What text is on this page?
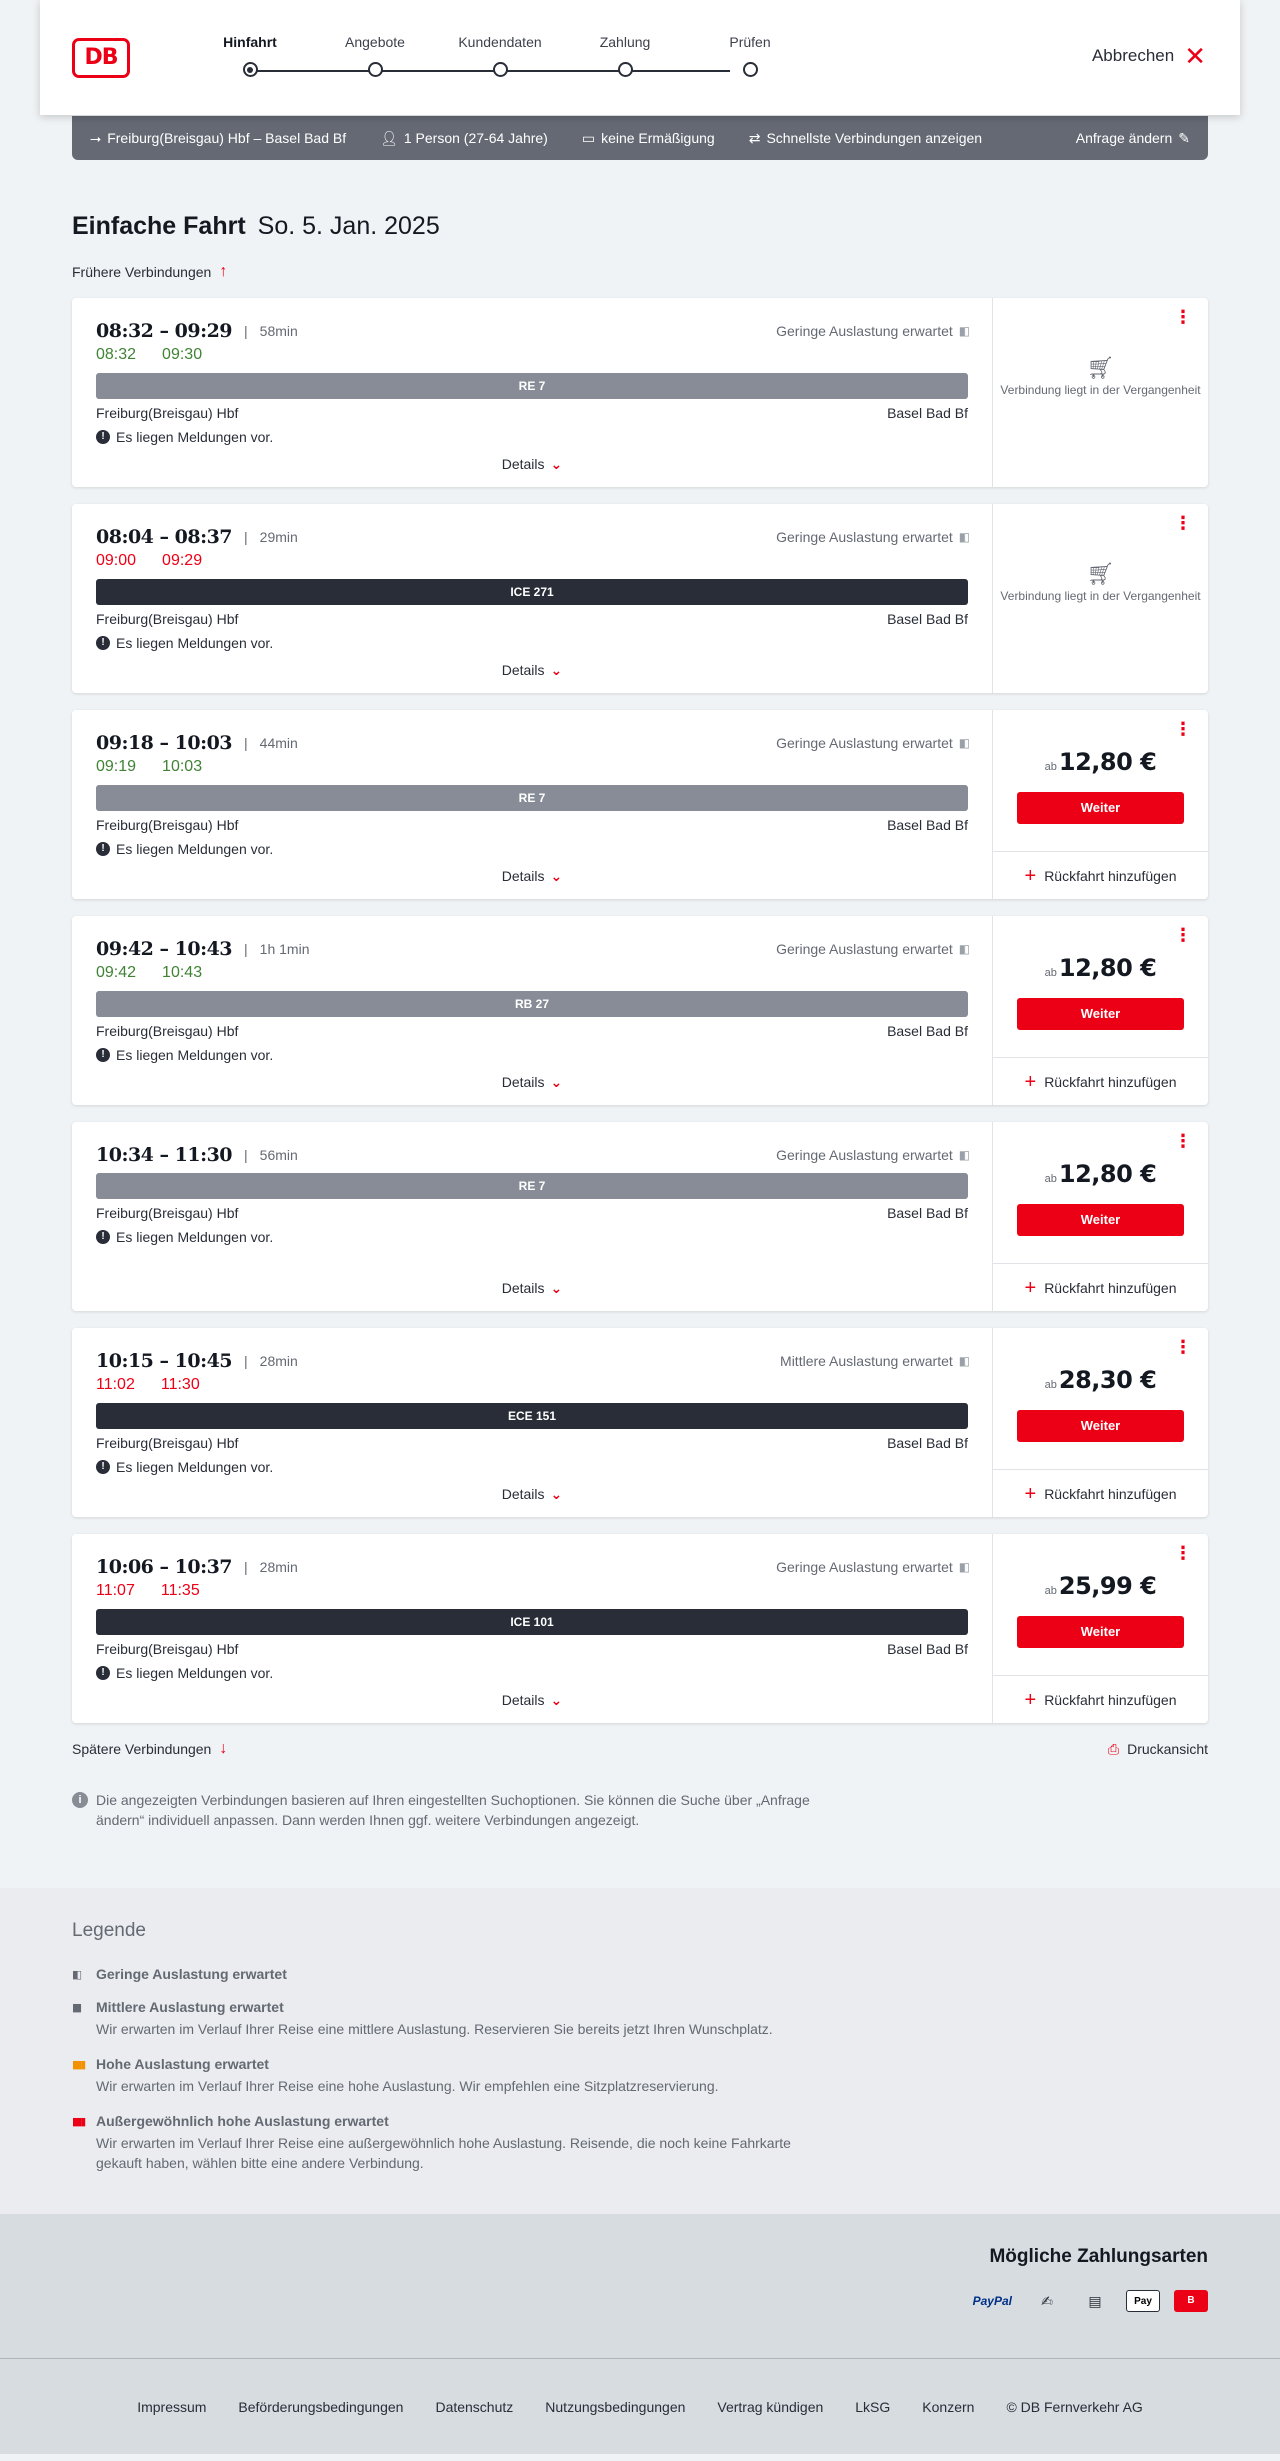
DB
Hinfahrt	Angebote	Kundendaten	Zahlung	Prüfen
Abbrechen ✕
⭢ Freiburg(Breisgau) Hbf – Basel Bad Bf 👤︎ 1 Person (27-64 Jahre) ▭ keine Ermäßigung ⇄ Schnellste Verbindungen anzeigen	Anfrage ändern ✎
Einfache Fahrt So. 5. Jan. 2025
Frühere Verbindungen ↑
08:32 – 09:29 | 58min	Geringe Auslastung erwartet ▮▯
08:32 09:30
RE 7
Freiburg(Breisgau) Hbf	Basel Bad Bf
! Es liegen Meldungen vor.
Details ⌄
⋮
🛒︎
Verbindung liegt in der Vergangenheit
08:04 – 08:37 | 29min	Geringe Auslastung erwartet ▮▯
09:00 09:29
ICE 271
Freiburg(Breisgau) Hbf	Basel Bad Bf
! Es liegen Meldungen vor.
Details ⌄
⋮
🛒︎
Verbindung liegt in der Vergangenheit
09:18 – 10:03 | 44min	Geringe Auslastung erwartet ▮▯
09:19 10:03
RE 7
Freiburg(Breisgau) Hbf	Basel Bad Bf
! Es liegen Meldungen vor.
Details ⌄
⋮
ab12,80 €
Weiter
+ Rückfahrt hinzufügen
09:42 – 10:43 | 1h 1min	Geringe Auslastung erwartet ▮▯
09:42 10:43
RB 27
Freiburg(Breisgau) Hbf	Basel Bad Bf
! Es liegen Meldungen vor.
Details ⌄
⋮
ab12,80 €
Weiter
+ Rückfahrt hinzufügen
10:34 – 11:30 | 56min	Geringe Auslastung erwartet ▮▯
RE 7
Freiburg(Breisgau) Hbf	Basel Bad Bf
! Es liegen Meldungen vor.
Details ⌄
⋮
ab12,80 €
Weiter
+ Rückfahrt hinzufügen
10:15 – 10:45 | 28min	Mittlere Auslastung erwartet ▮▯
11:02 11:30
ECE 151
Freiburg(Breisgau) Hbf	Basel Bad Bf
! Es liegen Meldungen vor.
Details ⌄
⋮
ab28,30 €
Weiter
+ Rückfahrt hinzufügen
10:06 – 10:37 | 28min	Geringe Auslastung erwartet ▮▯
11:07 11:35
ICE 101
Freiburg(Breisgau) Hbf	Basel Bad Bf
! Es liegen Meldungen vor.
Details ⌄
⋮
ab25,99 €
Weiter
+ Rückfahrt hinzufügen
Spätere Verbindungen ↓	⎙ Druckansicht
i	Die angezeigten Verbindungen basieren auf Ihren eingestellten Suchoptionen. Sie können die Suche über „Anfrage ändern“ individuell anpassen. Dann werden Ihnen ggf. weitere Verbindungen angezeigt.
Legende
▮▯	Geringe Auslastung erwartet
▮▮	Mittlere Auslastung erwartet
Wir erwarten im Verlauf Ihrer Reise eine mittlere Auslastung. Reservieren Sie bereits jetzt Ihren Wunschplatz.
▮▮▮ Hohe Auslastung erwartet
Wir erwarten im Verlauf Ihrer Reise eine hohe Auslastung. Wir empfehlen eine Sitzplatzreservierung.
▮▮▮ Außergewöhnlich hohe Auslastung erwartet
Wir erwarten im Verlauf Ihrer Reise eine außergewöhnlich hohe Auslastung. Reisende, die noch keine Fahrkarte gekauft haben, wählen bitte eine andere Verbindung.
Mögliche Zahlungsarten
PayPal	✍	▤	Pay	B
Impressum Beförderungsbedingungen Datenschutz Nutzungsbedingungen Vertrag kündigen LkSG Konzern © DB Fernverkehr AG
